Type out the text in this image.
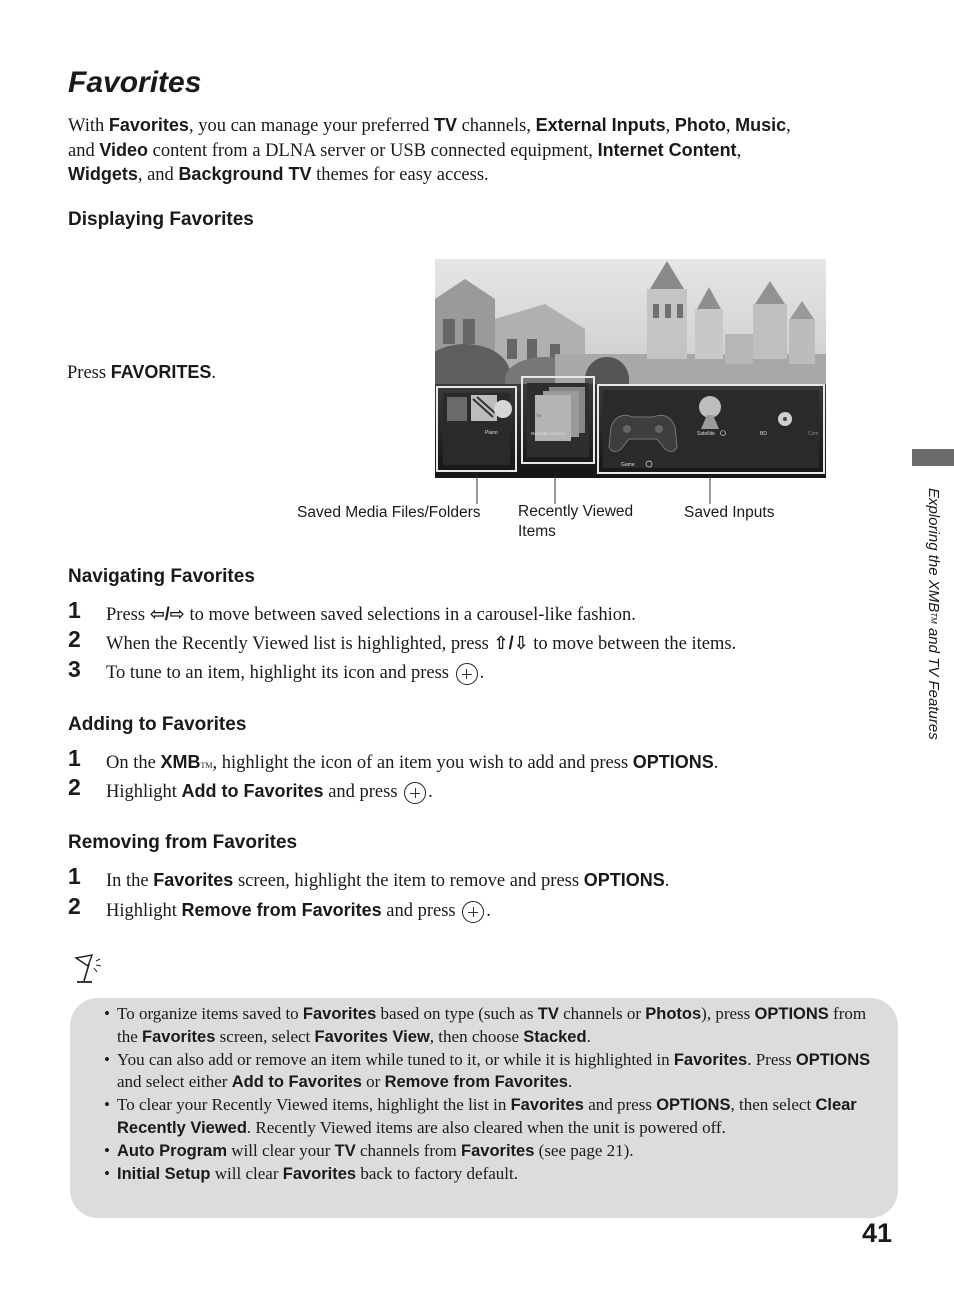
Favorites
With Favorites, you can manage your preferred TV channels, External Inputs, Photo, Music,
and Video content from a DLNA server or USB connected equipment, Internet Content,
Widgets, and Background TV themes for easy access.
Displaying Favorites
Press FAVORITES.
Piano
TV
Recently Viewed
Game
Satellite	BD	Com
Saved Media Files/Folders Recently Viewed Items
Saved Inputs
Navigating Favorites
1 Press ⇦/⇨ to move between saved selections in a carousel-like fashion.
2 When the Recently Viewed list is highlighted, press ⇧/⇩ to move between the items.
3 To tune to an item, highlight its icon and press .
Adding to Favorites
1 On the XMBTM, highlight the icon of an item you wish to add and press OPTIONS.
2 Highlight Add to Favorites and press .
Removing from Favorites
1 In the Favorites screen, highlight the item to remove and press OPTIONS.
2 Highlight Remove from Favorites and press .
• To organize items saved to Favorites based on type (such as TV channels or Photos), press OPTIONS from the Favorites screen, select Favorites View, then choose Stacked.
• You can also add or remove an item while tuned to it, or while it is highlighted in Favorites. Press OPTIONS and select either Add to Favorites or Remove from Favorites.
• To clear your Recently Viewed items, highlight the list in Favorites and press OPTIONS, then select Clear Recently Viewed. Recently Viewed items are also cleared when the unit is powered off.
• Auto Program will clear your TV channels from Favorites (see page 21).
• Initial Setup will clear Favorites back to factory default.
Exploring the XMBTM and TV Features
41
